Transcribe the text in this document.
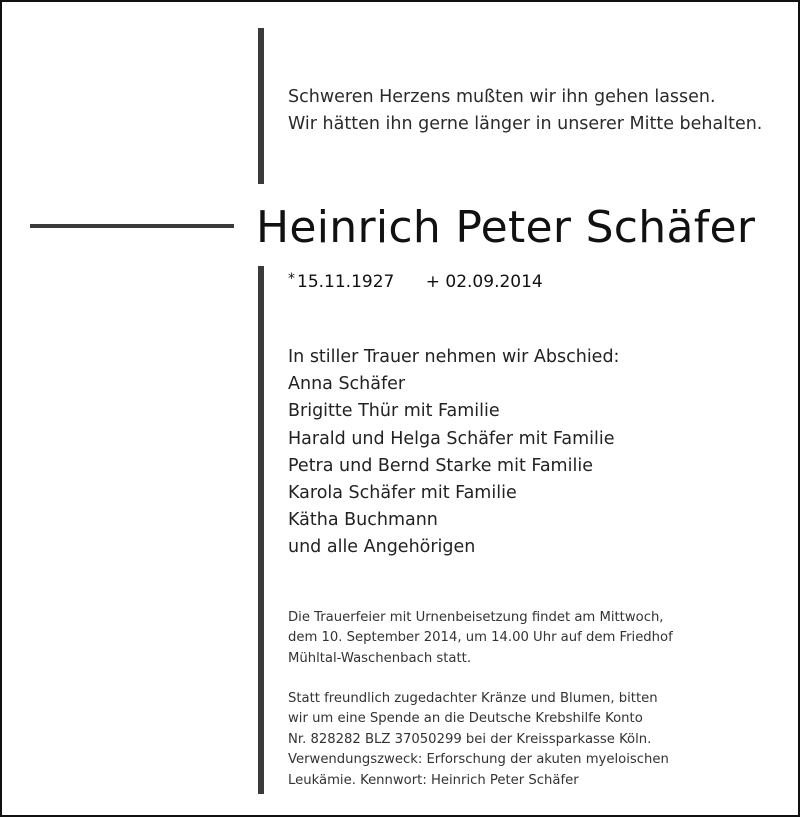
Schweren Herzens mußten wir ihn gehen lassen.
Wir hätten ihn gerne länger in unserer Mitte behalten.
Heinrich Peter Schäfer
* 15.11.1927 + 02.09.2014
In stiller Trauer nehmen wir Abschied:
Anna Schäfer
Brigitte Thür mit Familie
Harald und Helga Schäfer mit Familie
Petra und Bernd Starke mit Familie
Karola Schäfer mit Familie
Kätha Buchmann
und alle Angehörigen
Die Trauerfeier mit Urnenbeisetzung findet am Mittwoch,
dem 10. September 2014, um 14.00 Uhr auf dem Friedhof
Mühltal-Waschenbach statt.
Statt freundlich zugedachter Kränze und Blumen, bitten
wir um eine Spende an die Deutsche Krebshilfe Konto
Nr. 828282 BLZ 37050299 bei der Kreissparkasse Köln.
Verwendungszweck: Erforschung der akuten myeloischen
Leukämie. Kennwort: Heinrich Peter Schäfer
